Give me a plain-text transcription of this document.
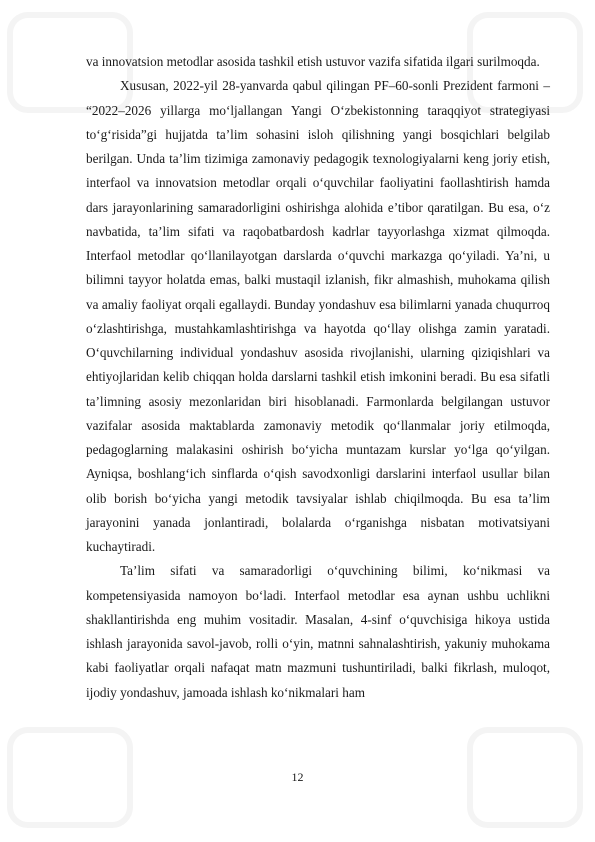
va innovatsion metodlar asosida tashkil etish ustuvor vazifa sifatida ilgari surilmoqda.

Xususan, 2022-yil 28-yanvarda qabul qilingan PF–60-sonli Prezident farmoni – “2022–2026 yillarga mo‘ljallangan Yangi O‘zbekistonning taraqqiyot strategiyasi to‘g‘risida”gi hujjatda ta’lim sohasini isloh qilishning yangi bosqichlari belgilab berilgan. Unda ta’lim tizimiga zamonaviy pedagogik texnologiyalarni keng joriy etish, interfaol va innovatsion metodlar orqali o‘quvchilar faoliyatini faollashtirish hamda dars jarayonlarining samaradorligini oshirishga alohida e’tibor qaratilgan. Bu esa, o‘z navbatida, ta’lim sifati va raqobatbardosh kadrlar tayyorlashga xizmat qilmoqda. Interfaol metodlar qo‘llanilayotgan darslarda o‘quvchi markazga qo‘yiladi. Ya’ni, u bilimni tayyor holatda emas, balki mustaqil izlanish, fikr almashish, muhokama qilish va amaliy faoliyat orqali egallaydi. Bunday yondashuv esa bilimlarni yanada chuqurroq o‘zlashtirishga, mustahkamlashtirishga va hayotda qo‘llay olishga zamin yaratadi. O‘quvchilarning individual yondashuv asosida rivojlanishi, ularning qiziqishlari va ehtiyojlaridan kelib chiqqan holda darslarni tashkil etish imkonini beradi. Bu esa sifatli ta’limning asosiy mezonlaridan biri hisoblanadi. Farmonlarda belgilangan ustuvor vazifalar asosida maktablarda zamonaviy metodik qo‘llanmalar joriy etilmoqda, pedagoglarning malakasini oshirish bo‘yicha muntazam kurslar yo‘lga qo‘yilgan. Ayniqsa, boshlang‘ich sinflarda o‘qish savodxonligi darslarini interfaol usullar bilan olib borish bo‘yicha yangi metodik tavsiyalar ishlab chiqilmoqda. Bu esa ta’lim jarayonini yanada jonlantiradi, bolalarda o‘rganishga nisbatan motivatsiyani kuchaytiradi.

Ta’lim sifati va samaradorligi o‘quvchining bilimi, ko‘nikmasi va kompetensiyasida namoyon bo‘ladi. Interfaol metodlar esa aynan ushbu uchlikni shakllantirishda eng muhim vositadir. Masalan, 4-sinf o‘quvchisiga hikoya ustida ishlash jarayonida savol-javob, rolli o‘yin, matnni sahnalashtirish, yakuniy muhokama kabi faoliyatlar orqali nafaqat matn mazmuni tushuntiriladi, balki fikrlash, muloqot, ijodiy yondashuv, jamoada ishlash ko‘nikmalari ham

12
